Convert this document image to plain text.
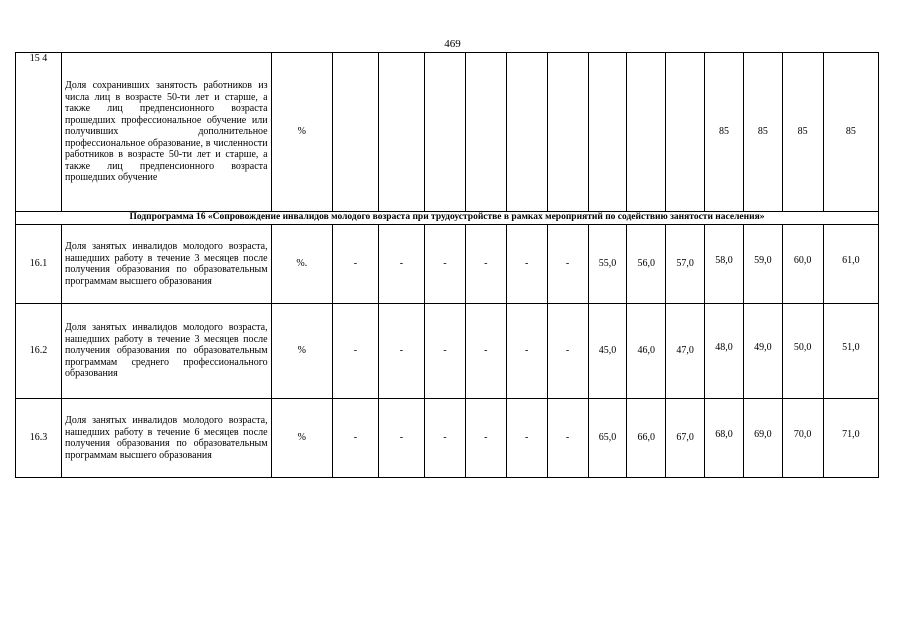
469
15 4	Доля сохранивших занятость работников из числа лиц в возрасте 50-ти лет и старше, а также лиц предпенсионного возраста прошедших профессиональное обучение или получивших дополнительное профессиональное образование, в численности работников в возрасте 50-ти лет и старше, а также лиц предпенсионного возраста прошедших обучение	%										85	85	85	85
Подпрограмма 16 «Сопровождение инвалидов молодого возраста при трудоустройстве в рамках мероприятий по содействию занятости населения»															
16.1	Доля занятых инвалидов молодого возраста, нашедших работу в течение 3 месяцев после получения образования по образовательным программам высшего образования	%.	-	-	-	-	-	-	55,0	56,0	57,0	58,0	59,0	60,0	61,0
16.2	Доля занятых инвалидов молодого возраста, нашедших работу в течение 3 месяцев после получения образования по образовательным программам среднего профессионального образования	%	-	-	-	-	-	-	45,0	46,0	47,0	48,0	49,0	50,0	51,0
16.3	Доля занятых инвалидов молодого возраста, нашедших работу в течение 6 месяцев после получения образования по образовательным программам высшего образования	%	-	-	-	-	-	-	65,0	66,0	67,0	68,0	69,0	70,0	71,0
